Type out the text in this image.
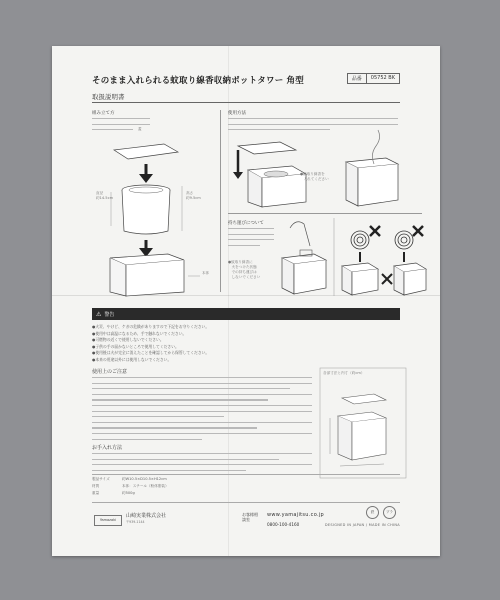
そのまま入れられる蚊取り線香収納ポットタワー 角型	品番	05752 BK
取扱説明書
組み立て方
蓋
直径
約14.5cm
高さ
約9.5cm
本体
使用方法
●蚊取り線香を
　入れてください
持ち運びについて
●蚊取り線香に
　火をつけた状態
　での持ち運びは
　しないでください
⚠ 警告
●火災、やけど、ケガの危険がありますので下記をお守りください。
●使用中は高温になるため、手で触れないでください。
●可燃物の近くで使用しないでください。
●子供の手の届かないところで使用してください。
●使用後は火が完全に消えたことを確認してから保管してください。
●本来の用途以外には使用しないでください。
使用上のご注意	各部寸法と内寸（約cm）
お手入れ方法
製品サイズ	約W10.5×D10.5×H12cm
材質	本体：スチール（粉体塗装）
重量	約500g
Yamazaki
山崎実業株式会社
〒939-1144
お客様相談室
www.yamajitsu.co.jp
0800-100-4160
鉄	プラ
DESIGNED IN JAPAN / MADE IN CHINA
